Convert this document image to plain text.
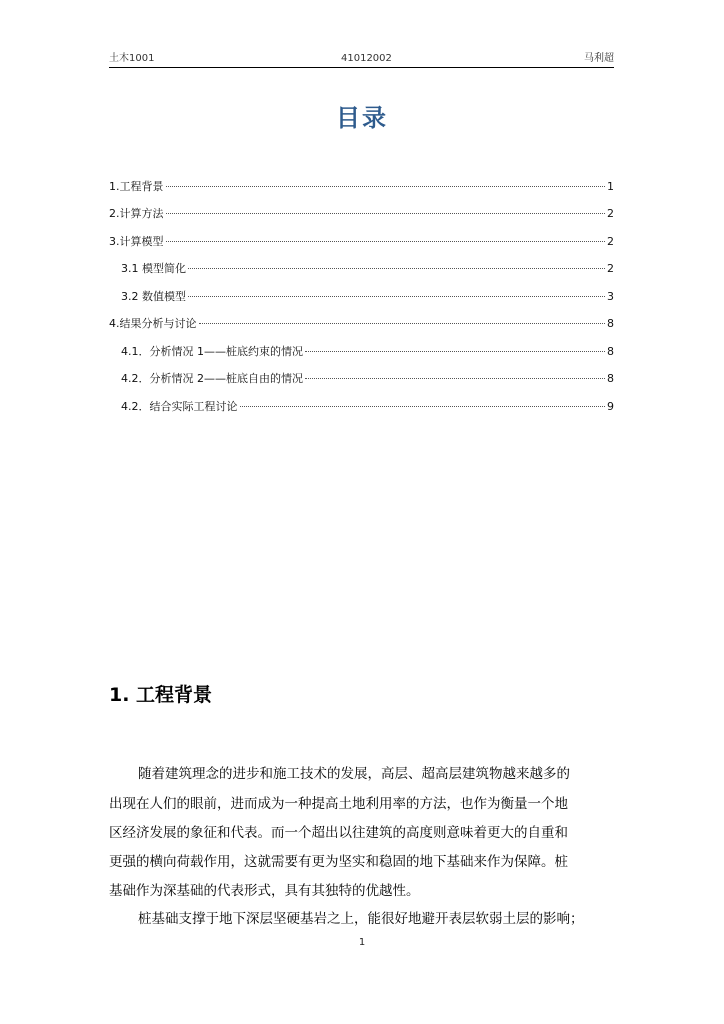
土木1001	41012002	马利超
目录
1.工程背景	1
2.计算方法	2
3.计算模型	2
3.1 模型简化	2
3.2 数值模型	3
4.结果分析与讨论	8
4.1．分析情况 1——桩底约束的情况	8
4.2．分析情况 2——桩底自由的情况	8
4.2．结合实际工程讨论	9
1. 工程背景
随着建筑理念的进步和施工技术的发展，高层、超高层建筑物越来越多的
出现在人们的眼前，进而成为一种提高土地利用率的方法，也作为衡量一个地
区经济发展的象征和代表。而一个超出以往建筑的高度则意味着更大的自重和
更强的横向荷载作用，这就需要有更为坚实和稳固的地下基础来作为保障。桩
基础作为深基础的代表形式，具有其独特的优越性。
桩基础支撑于地下深层坚硬基岩之上，能很好地避开表层软弱土层的影响；
1
